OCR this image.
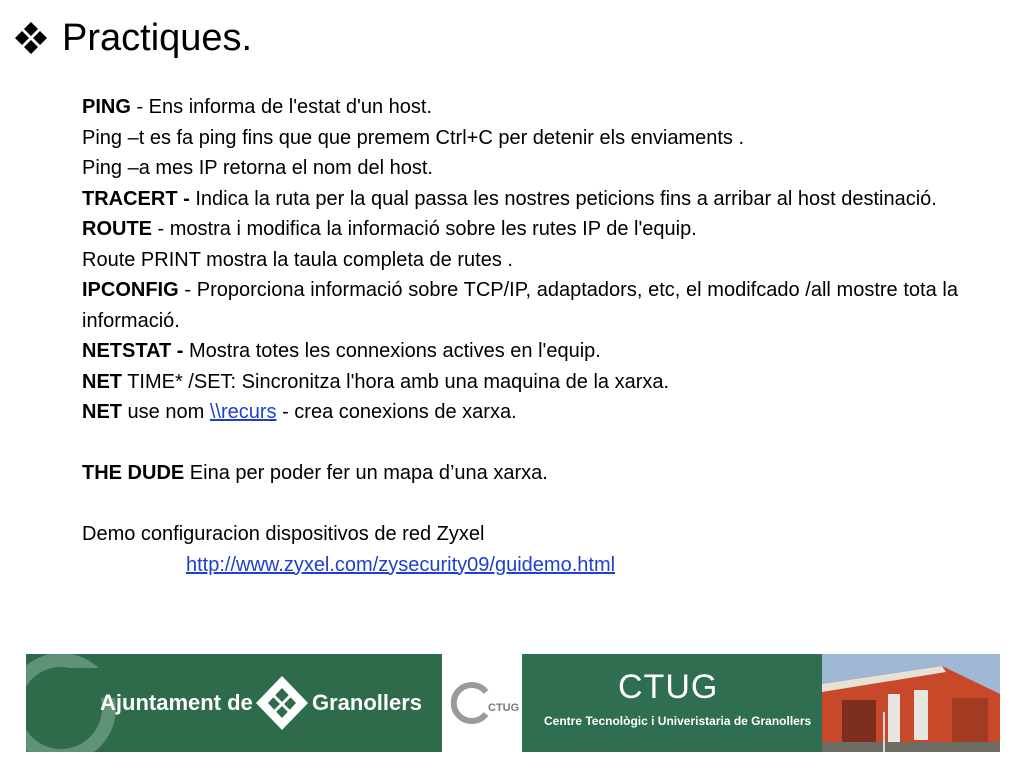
Practiques.

PING - Ens informa de l'estat d'un host.

Ping –t es fa ping fins que que premem Ctrl+C per detenir els enviaments .

Ping –a mes IP retorna el nom del host.

TRACERT - Indica la ruta per la qual passa les nostres peticions fins a arribar al host destinació.

ROUTE - mostra i modifica la informació sobre les rutes IP de l'equip.

Route PRINT mostra la taula completa de rutes .

IPCONFIG - Proporciona informació sobre TCP/IP, adaptadors, etc, el modifcado /all mostre tota la informació.

NETSTAT - Mostra totes les connexions actives en l'equip.

NET TIME* /SET: Sincronitza l'hora amb una maquina de la xarxa.

NET use nom \\recurs - crea conexions de xarxa.

THE DUDE Eina per poder fer un mapa d’una xarxa.

Demo configuracion dispositivos de red Zyxel

http://www.zyxel.com/zysecurity09/guidemo.html

Ajuntament de	Granollers	CTUG
CTUG
Centre Tecnològic i Univeristaria de Granollers
